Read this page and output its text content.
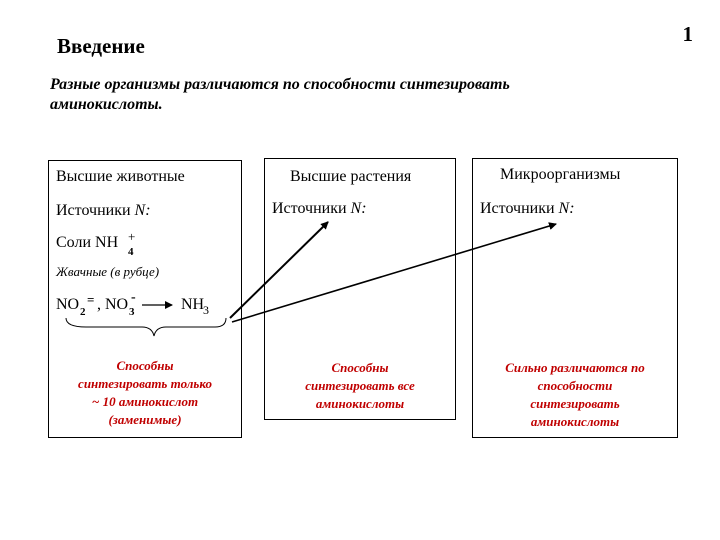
1
Введение
Разные организмы различаются по способности синтезировать
аминокислоты.
Высшие животные
Источники N:
Соли NH +
4
Жвачные (в рубце)
NO 2
= , NO 3
-	NH
3
Способны
синтезировать только
~ 10 аминокислот
(заменимые)
Высшие растения
Источники N:
Способны
синтезировать все
аминокислоты
Микроорганизмы
Источники N:
Сильно различаются по
способности
синтезировать
аминокислоты
